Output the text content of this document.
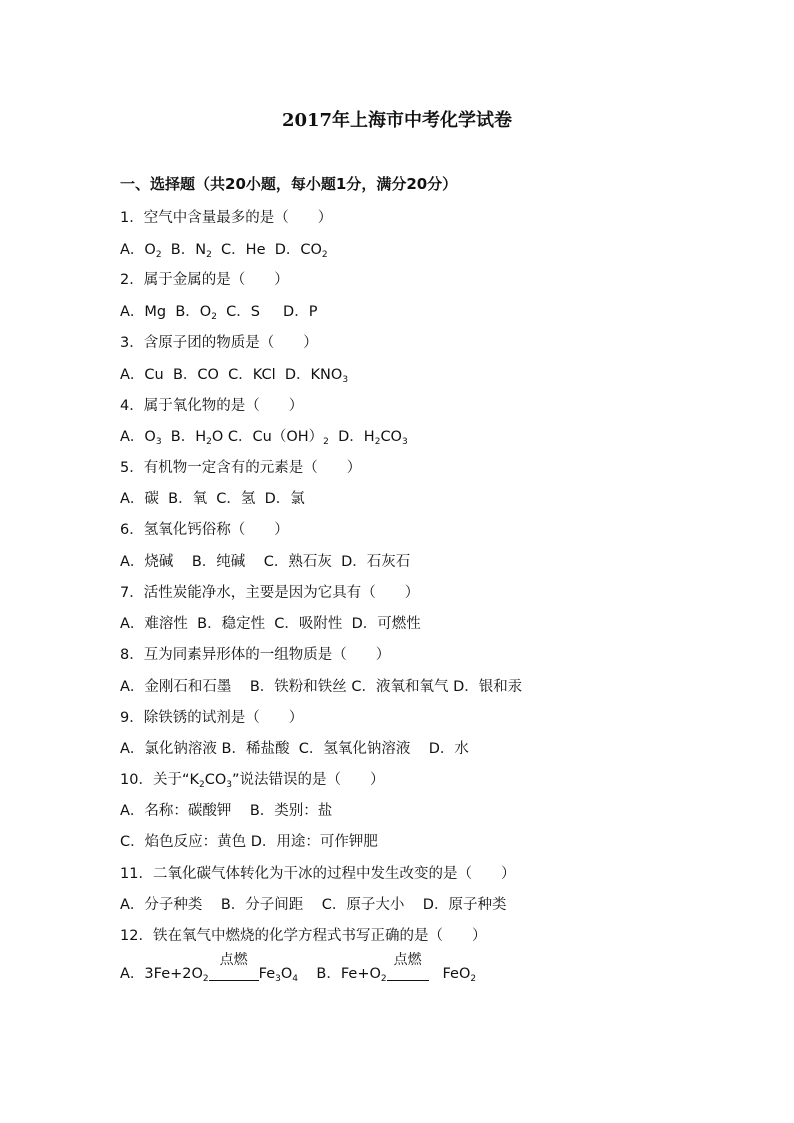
2017年上海市中考化学试卷
一、选择题（共20小题，每小题1分，满分20分）
1．空气中含量最多的是（　　）
A．$O_2$  B．$N_2$  C．He  D．$CO_2$
2．属于金属的是（　　）
A．Mg  B．$O_2$  C．S     D．P
3．含原子团的物质是（　　）
A．Cu  B．CO  C．KCl  D．$KNO_3$
4．属于氧化物的是（　　）
A．$O_3$  B．$H_2O$ C．$Cu(OH)_2$  D．$H_2CO_3$
5．有机物一定含有的元素是（　　）
A．碳  B．氧  C．氢  D．氯
6．氢氧化钙俗称（　　）
A．烧碱    B．纯碱    C．熟石灰  D．石灰石
7．活性炭能净水，主要是因为它具有（　　）
A．难溶性  B．稳定性  C．吸附性  D．可燃性
8．互为同素异形体的一组物质是（　　）
A．金刚石和石墨    B．铁粉和铁丝 C．液氧和氧气 D．银和汞
9．除铁锈的试剂是（　　）
A．氯化钠溶液 B．稀盐酸  C．氢氧化钠溶液    D．水
10．关于“$K_2CO_3$”说法错误的是（　　）
A．名称：碳酸钾    B．类别：盐
C．焰色反应：黄色 D．用途：可作钾肥
11．二氧化碳气体转化为干冰的过程中发生改变的是（　　）
A．分子种类    B．分子间距    C．原子大小    D．原子种类
12．铁在氧气中燃烧的化学方程式书写正确的是（　　）
A．$3Fe+2O_2$
点燃
$Fe_3O_4$    B．$Fe+O_2$
点燃
FeO$_2$
